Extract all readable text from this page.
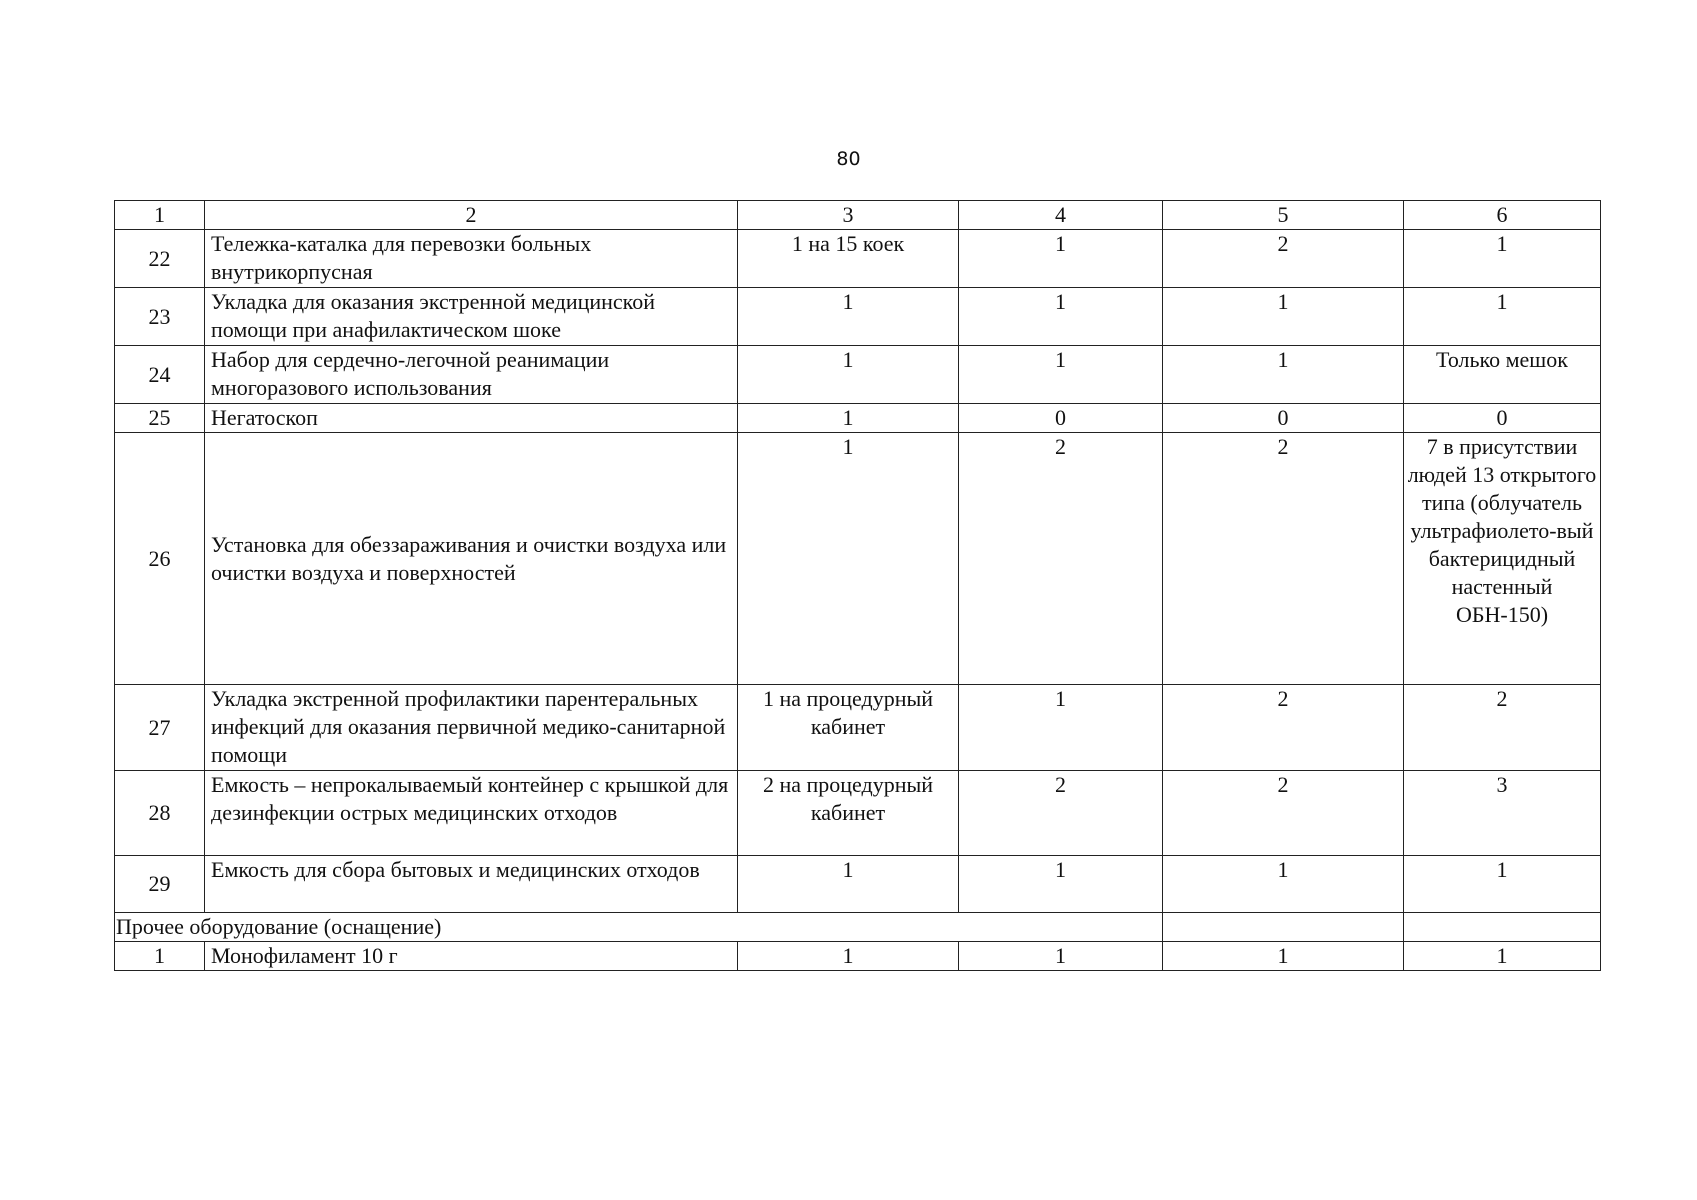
80
1	2	3	4	5	6
22	Тележка-каталка для перевозки больных внутрикорпусная	1 на 15 коек	1	2	1
23	Укладка для оказания экстренной медицинской помощи при анафилактическом шоке	1	1	1	1
24	Набор для сердечно-легочной реанимации многоразового использования	1	1	1	Только мешок
25	Негатоскоп	1	0	0	0
26	Установка для обеззараживания и очистки воздуха или очистки воздуха и поверхностей	1	2	2	7 в присутствии людей 13 открытого типа (облучатель ультрафиолето-вый бактерицидный настенный ОБН-150)
27	Укладка экстренной профилактики парентеральных инфекций для оказания первичной медико-санитарной помощи	1 на процедурный кабинет	1	2	2
28	Емкость – непрокалываемый контейнер с крышкой для дезинфекции острых медицинских отходов	2 на процедурный кабинет	2	2	3
29	Емкость для сбора бытовых и медицинских отходов	1	1	1	1
Прочее оборудование (оснащение)					
1	Монофиламент 10 г	1	1	1	1
